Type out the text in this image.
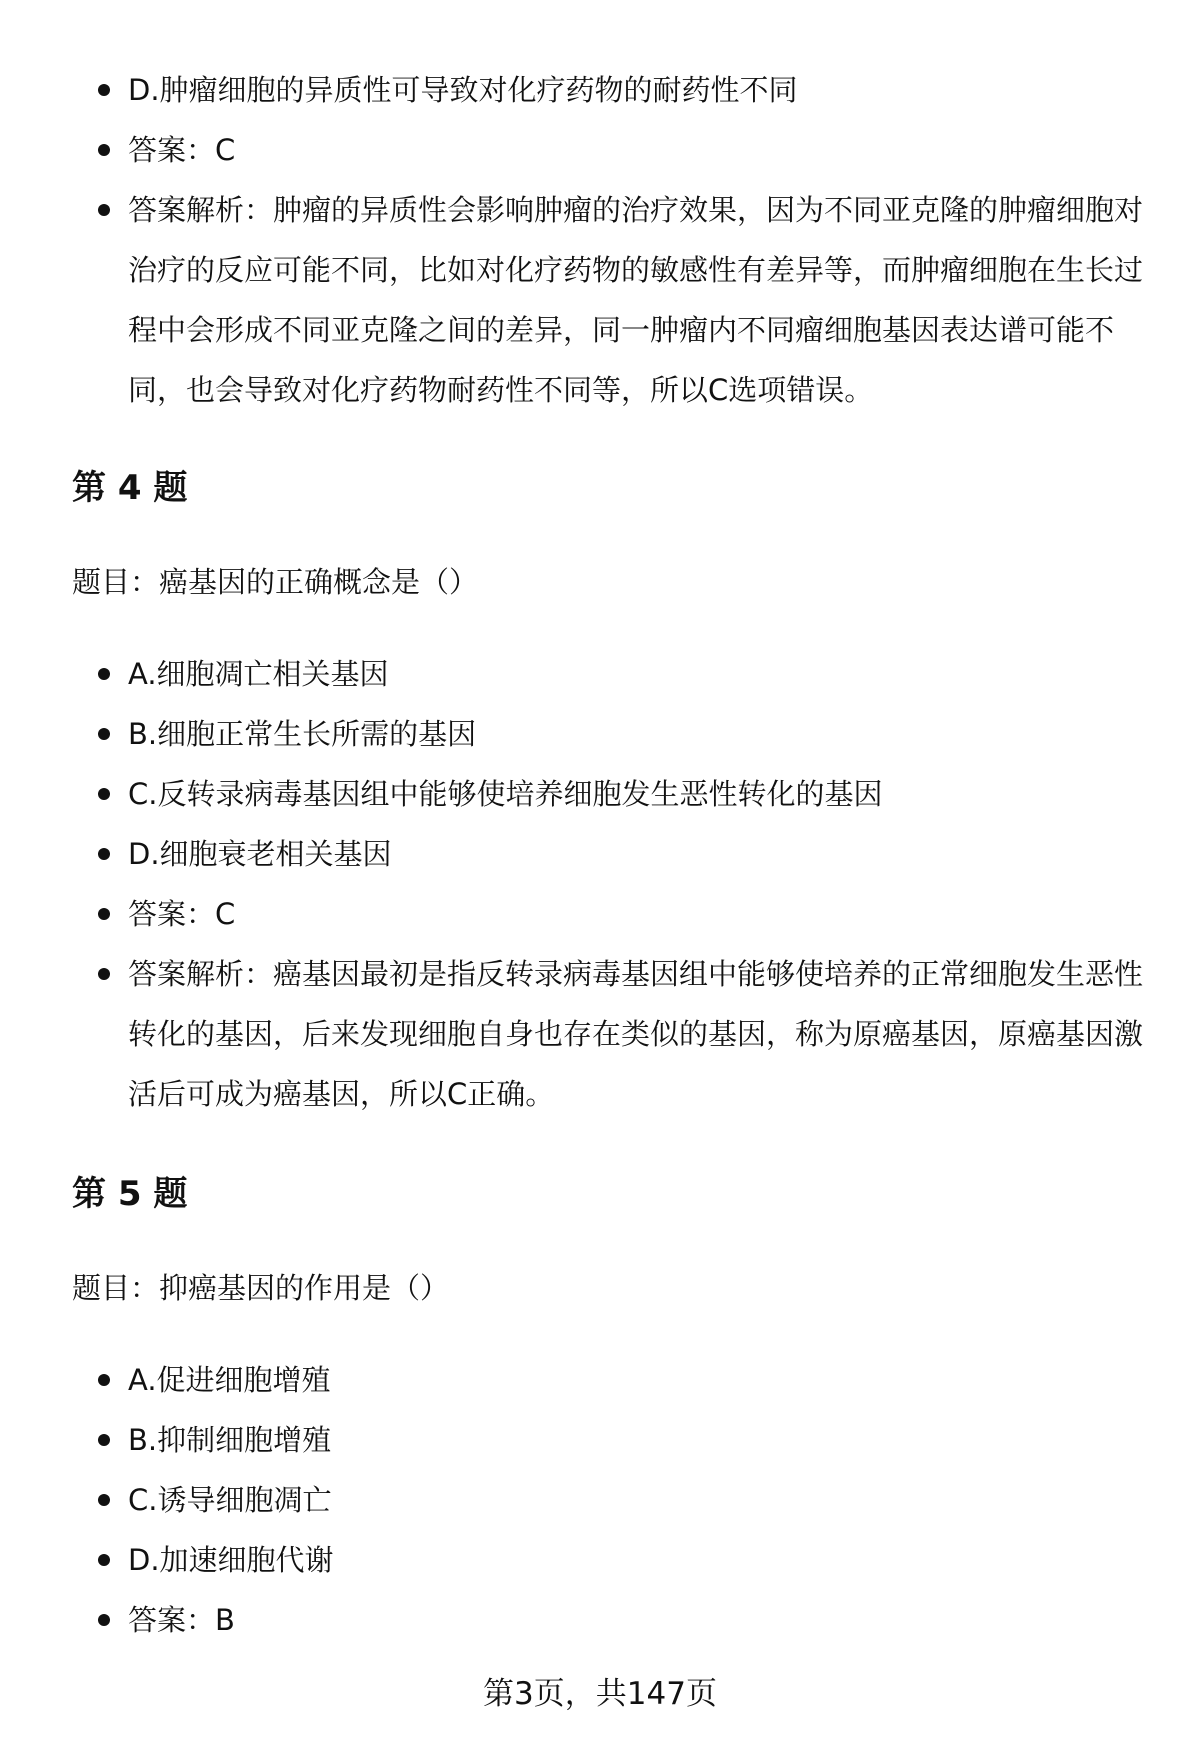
D.肿瘤细胞的异质性可导致对化疗药物的耐药性不同
答案：C
答案解析：肿瘤的异质性会影响肿瘤的治疗效果，因为不同亚克隆的肿瘤细胞对治疗的反应可能不同，比如对化疗药物的敏感性有差异等，而肿瘤细胞在生长过程中会形成不同亚克隆之间的差异，同一肿瘤内不同瘤细胞基因表达谱可能不同，也会导致对化疗药物耐药性不同等，所以C选项错误。
第 4 题

题目：癌基因的正确概念是（）

A.细胞凋亡相关基因
B.细胞正常生长所需的基因
C.反转录病毒基因组中能够使培养细胞发生恶性转化的基因
D.细胞衰老相关基因
答案：C
答案解析：癌基因最初是指反转录病毒基因组中能够使培养的正常细胞发生恶性转化的基因，后来发现细胞自身也存在类似的基因，称为原癌基因，原癌基因激活后可成为癌基因，所以C正确。
第 5 题

题目：抑癌基因的作用是（）

A.促进细胞增殖
B.抑制细胞增殖
C.诱导细胞凋亡
D.加速细胞代谢
答案：B
第3页，共147页
